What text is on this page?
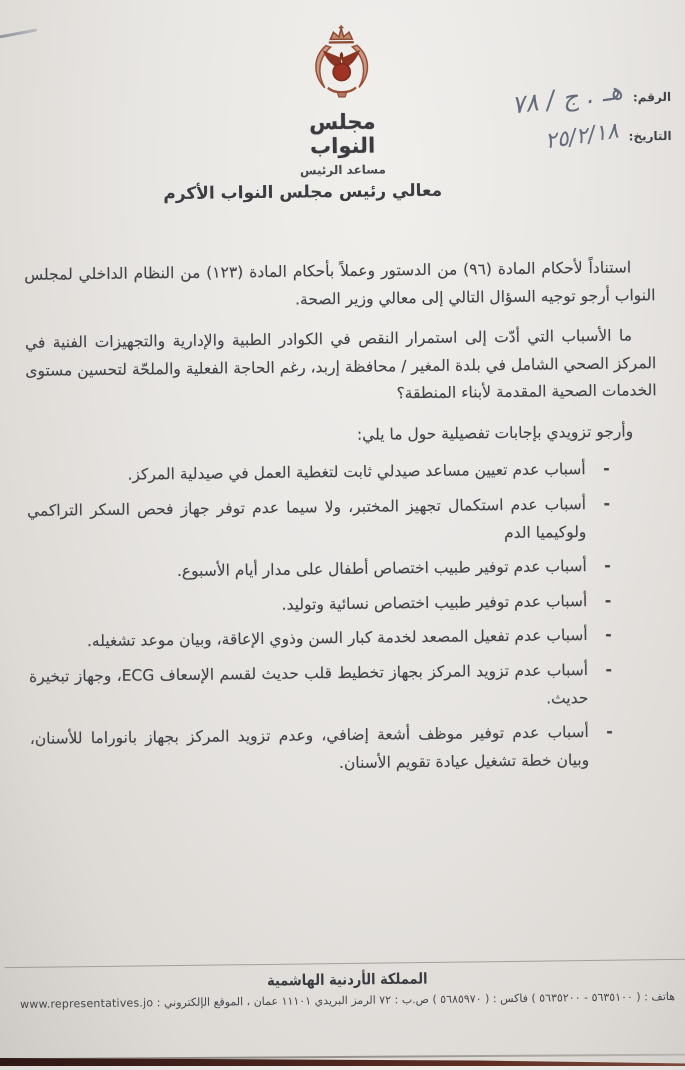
مجلس النواب
مساعد الرئيس
الرقم:
هـ . ج / ٧٨
التاريخ:
٢٥/٢/١٨
معالي رئيس مجلس النواب الأكرم

استناداً لأحكام المادة (٩٦) من الدستور وعملاً بأحكام المادة (١٢٣) من النظام الداخلي لمجلس النواب أرجو توجيه السؤال التالي إلى معالي وزير الصحة.

ما الأسباب التي أدّت إلى استمرار النقص في الكوادر الطبية والإدارية والتجهيزات الفنية في المركز الصحي الشامل في بلدة المغير / محافظة إربد، رغم الحاجة الفعلية والملحّة لتحسين مستوى الخدمات الصحية المقدمة لأبناء المنطقة؟

وأرجو تزويدي بإجابات تفصيلية حول ما يلي:

-
أسباب عدم تعيين مساعد صيدلي ثابت لتغطية العمل في صيدلية المركز.
-
أسباب عدم استكمال تجهيز المختبر، ولا سيما عدم توفر جهاز فحص السكر التراكمي ولوكيميا الدم
-
أسباب عدم توفير طبيب اختصاص أطفال على مدار أيام الأسبوع.
-
أسباب عدم توفير طبيب اختصاص نسائية وتوليد.
-
أسباب عدم تفعيل المصعد لخدمة كبار السن وذوي الإعاقة، وبيان موعد تشغيله.
-
أسباب عدم تزويد المركز بجهاز تخطيط قلب حديث لقسم الإسعاف ECG، وجهاز تبخيرة حديث.
-
أسباب عدم توفير موظف أشعة إضافي، وعدم تزويد المركز بجهاز بانوراما للأسنان، وبيان خطة تشغيل عيادة تقويم الأسنان.
المملكة الأردنية الهاشمية
هاتف : ( ٥٦٣٥١٠٠ - ٥٦٣٥٢٠٠ ) فاكس : ( ٥٦٨٥٩٧٠ ) ص.ب : ٧٢ الرمز البريدي ١١١٠١ عمان ، الموقع الإلكتروني : www.representatives.jo
